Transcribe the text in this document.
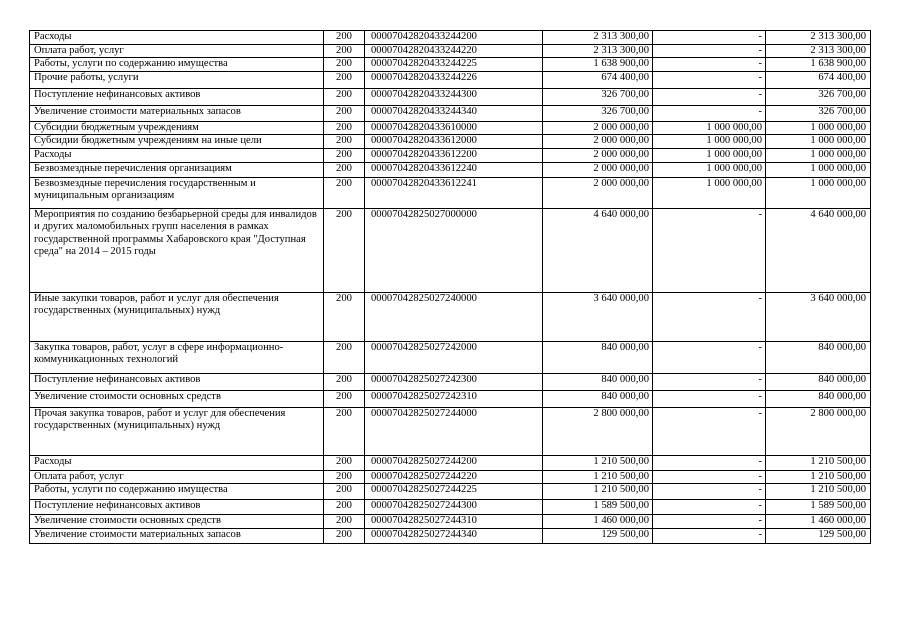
Расходы	200	00007042820433244200	2 313 300,00	-	2 313 300,00
Оплата работ, услуг	200	00007042820433244220	2 313 300,00	-	2 313 300,00
Работы, услуги по содержанию имущества	200	00007042820433244225	1 638 900,00	-	1 638 900,00
Прочие работы, услуги	200	00007042820433244226	674 400,00	-	674 400,00
Поступление нефинансовых активов	200	00007042820433244300	326 700,00	-	326 700,00
Увеличение стоимости материальных запасов	200	00007042820433244340	326 700,00	-	326 700,00
Субсидии бюджетным учреждениям	200	00007042820433610000	2 000 000,00	1 000 000,00	1 000 000,00
Субсидии бюджетным учреждениям на иные цели	200	00007042820433612000	2 000 000,00	1 000 000,00	1 000 000,00
Расходы	200	00007042820433612200	2 000 000,00	1 000 000,00	1 000 000,00
Безвозмездные перечисления организациям	200	00007042820433612240	2 000 000,00	1 000 000,00	1 000 000,00
Безвозмездные перечисления государственным и муниципальным организациям	200	00007042820433612241	2 000 000,00	1 000 000,00	1 000 000,00
Мероприятия по созданию безбарьерной среды для инвалидов и других маломобильных групп населения в рамках государственной программы Хабаровского края "Доступная среда" на 2014 – 2015 годы	200	00007042825027000000	4 640 000,00	-	4 640 000,00
Иные закупки товаров, работ и услуг для обеспечения государственных (муниципальных) нужд	200	00007042825027240000	3 640 000,00	-	3 640 000,00
Закупка товаров, работ, услуг в сфере информационно-коммуникационных технологий	200	00007042825027242000	840 000,00	-	840 000,00
Поступление нефинансовых активов	200	00007042825027242300	840 000,00	-	840 000,00
Увеличение стоимости основных средств	200	00007042825027242310	840 000,00	-	840 000,00
Прочая закупка товаров, работ и услуг для обеспечения государственных (муниципальных) нужд	200	00007042825027244000	2 800 000,00	-	2 800 000,00
Расходы	200	00007042825027244200	1 210 500,00	-	1 210 500,00
Оплата работ, услуг	200	00007042825027244220	1 210 500,00	-	1 210 500,00
Работы, услуги по содержанию имущества	200	00007042825027244225	1 210 500,00	-	1 210 500,00
Поступление нефинансовых активов	200	00007042825027244300	1 589 500,00	-	1 589 500,00
Увеличение стоимости основных средств	200	00007042825027244310	1 460 000,00	-	1 460 000,00
Увеличение стоимости материальных запасов	200	00007042825027244340	129 500,00	-	129 500,00
